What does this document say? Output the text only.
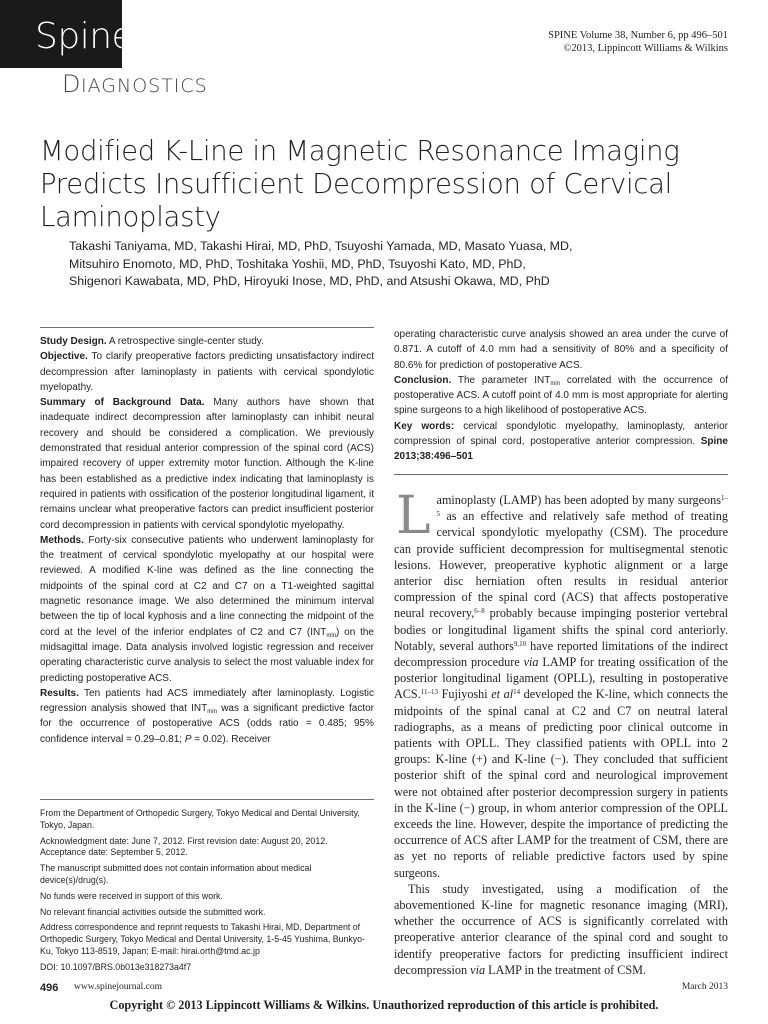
Spine	SPINE Volume 38, Number 6, pp 496–501
©2013, Lippincott Williams & Wilkins
DIAGNOSTICS
Modified K-Line in Magnetic Resonance Imaging Predicts Insufficient Decompression of Cervical Laminoplasty
Takashi Taniyama, MD, Takashi Hirai, MD, PhD, Tsuyoshi Yamada, MD, Masato Yuasa, MD,
Mitsuhiro Enomoto, MD, PhD, Toshitaka Yoshii, MD, PhD, Tsuyoshi Kato, MD, PhD,
Shigenori Kawabata, MD, PhD, Hiroyuki Inose, MD, PhD, and Atsushi Okawa, MD, PhD

Study Design. A retrospective single-center study.

Objective. To clarify preoperative factors predicting unsatisfactory indirect decompression after laminoplasty in patients with cervical spondylotic myelopathy.

Summary of Background Data. Many authors have shown that inadequate indirect decompression after laminoplasty can inhibit neural recovery and should be considered a complication. We previously demonstrated that residual anterior compression of the spinal cord (ACS) impaired recovery of upper extremity motor function. Although the K-line has been established as a predictive index indicating that laminoplasty is required in patients with ossification of the posterior longitudinal ligament, it remains unclear what preoperative factors can predict insufficient posterior cord decompression in patients with cervical spondylotic myelopathy.

Methods. Forty-six consecutive patients who underwent laminoplasty for the treatment of cervical spondylotic myelopathy at our hospital were reviewed. A modified K-line was defined as the line connecting the midpoints of the spinal cord at C2 and C7 on a T1-weighted sagittal magnetic resonance image. We also determined the minimum interval between the tip of local kyphosis and a line connecting the midpoint of the cord at the level of the inferior endplates of C2 and C7 $(INT_{min})$ on the midsagittal image. Data analysis involved logistic regression and receiver operating characteristic curve analysis to select the most valuable index for predicting postoperative ACS.

Results. Ten patients had ACS immediately after laminoplasty. Logistic regression analysis showed that $INT_{min}$ was a significant predictive factor for the occurrence of postoperative ACS (odds ratio = 0.485; 95% confidence interval = 0.29–0.81; P = 0.02). Receiver

operating characteristic curve analysis showed an area under the curve of 0.871. A cutoff of 4.0 mm had a sensitivity of 80% and a specificity of 80.6% for prediction of postoperative ACS.

Conclusion. The parameter $INT_{min}$ correlated with the occurrence of postoperative ACS. A cutoff point of 4.0 mm is most appropriate for alerting spine surgeons to a high likelihood of postoperative ACS.

Key words: cervical spondylotic myelopathy, laminoplasty, anterior compression of spinal cord, postoperative anterior compression. Spine 2013;38:496–501

From the Department of Orthopedic Surgery, Tokyo Medical and Dental University, Tokyo, Japan.

Acknowledgment date: June 7, 2012. First revision date: August 20, 2012. Acceptance date: September 5, 2012.

The manuscript submitted does not contain information about medical device(s)/drug(s).

No funds were received in support of this work.

No relevant financial activities outside the submitted work.

Address correspondence and reprint requests to Takashi Hirai, MD, Department of Orthopedic Surgery, Tokyo Medical and Dental University, 1-5-45 Yushima, Bunkyo-Ku, Tokyo 113-8519, Japan; E-mail: hirai.orth@tmd.ac.jp

DOI: 10.1097/BRS.0b013e318273a4f7

Laminoplasty (LAMP) has been adopted by many surgeons$^{1-5}$ as an effective and relatively safe method of treating cervical spondylotic myelopathy (CSM). The procedure can provide sufficient decompression for multisegmental stenotic lesions. However, preoperative kyphotic alignment or a large anterior disc herniation often results in residual anterior compression of the spinal cord (ACS) that affects postoperative neural recovery,$^{6-8}$ probably because impinging posterior vertebral bodies or longitudinal ligament shifts the spinal cord anteriorly. Notably, several authors$^{9,10}$ have reported limitations of the indirect decompression procedure via LAMP for treating ossification of the posterior longitudinal ligament (OPLL), resulting in postoperative ACS.$^{11-13}$ Fujiyoshi et $al^{14}$ developed the K-line, which connects the midpoints of the spinal canal at C2 and C7 on neutral lateral radiographs, as a means of predicting poor clinical outcome in patients with OPLL. They classified patients with OPLL into 2 groups: K-line (+) and K-line (−). They concluded that sufficient posterior shift of the spinal cord and neurological improvement were not obtained after posterior decompression surgery in patients in the K-line (−) group, in whom anterior compression of the OPLL exceeds the line. However, despite the importance of predicting the occurrence of ACS after LAMP for the treatment of CSM, there are as yet no reports of reliable predictive factors used by spine surgeons.

This study investigated, using a modification of the abovementioned K-line for magnetic resonance imaging (MRI), whether the occurrence of ACS is significantly correlated with preoperative anterior clearance of the spinal cord and sought to identify preoperative factors for predicting insufficient indirect decompression via LAMP in the treatment of CSM.

496 www.spinejournal.com	March 2013
Copyright © 2013 Lippincott Williams & Wilkins. Unauthorized reproduction of this article is prohibited.
